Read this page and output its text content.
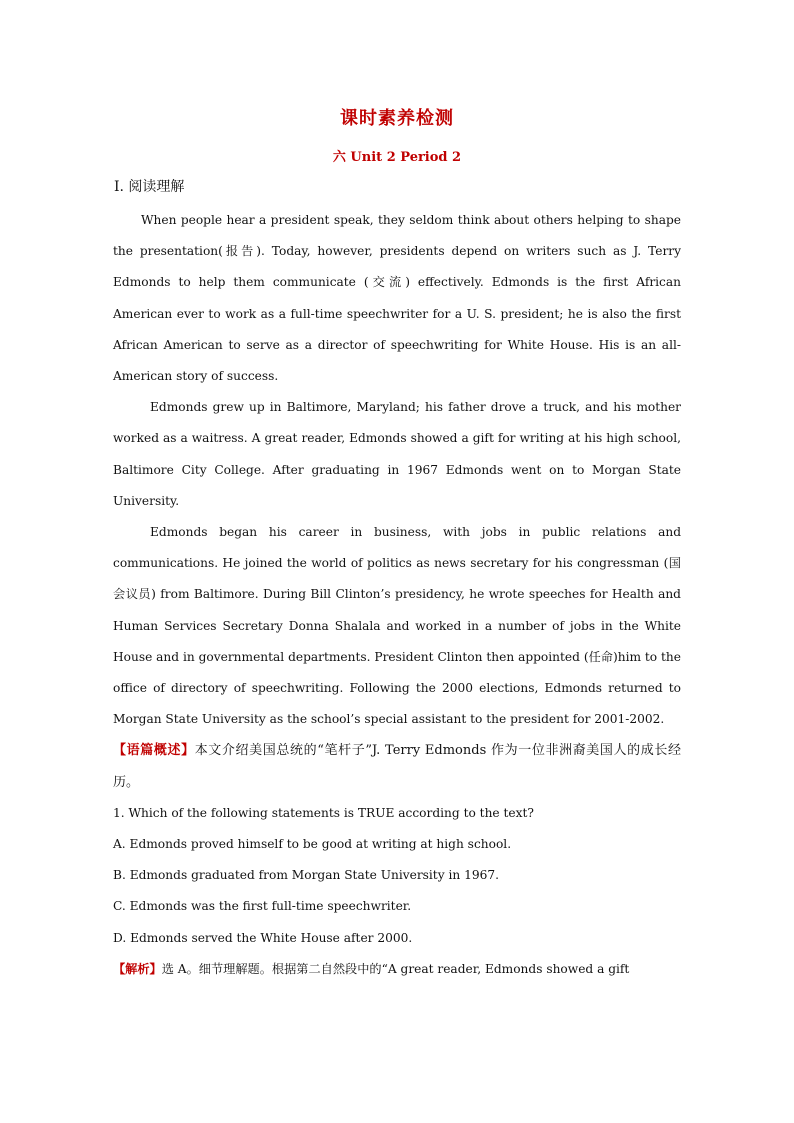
课时素养检测
六 Unit 2 Period 2
Ⅰ. 阅读理解

When people hear a president speak, they seldom think about others helping to shape the presentation(报告). Today, however, presidents depend on writers such as J. Terry Edmonds to help them communicate (交流) effectively. Edmonds is the first African American ever to work as a full-time speechwriter for a U. S. president; he is also the first African American to serve as a director of speechwriting for White House. His is an all-American story of success.

Edmonds grew up in Baltimore, Maryland; his father drove a truck, and his mother worked as a waitress. A great reader, Edmonds showed a gift for writing at his high school, Baltimore City College. After graduating in 1967 Edmonds went on to Morgan State University.

Edmonds began his career in business, with jobs in public relations and communications. He joined the world of politics as news secretary for his congressman (国会议员) from Baltimore. During Bill Clinton’s presidency, he wrote speeches for Health and Human Services Secretary Donna Shalala and worked in a number of jobs in the White House and in governmental departments. President Clinton then appointed (任命)him to the office of directory of speechwriting. Following the 2000 elections, Edmonds returned to Morgan State University as the school’s special assistant to the president for 2001-2002.

【语篇概述】本文介绍美国总统的“笔杆子”J. Terry Edmonds 作为一位非洲裔美国人的成长经历。
1. Which of the following statements is TRUE according to the text?
A. Edmonds proved himself to be good at writing at high school.
B. Edmonds graduated from Morgan State University in 1967.
C. Edmonds was the first full-time speechwriter.
D. Edmonds served the White House after 2000.
【解析】选 A。细节理解题。根据第二自然段中的“A great reader, Edmonds showed a gift
